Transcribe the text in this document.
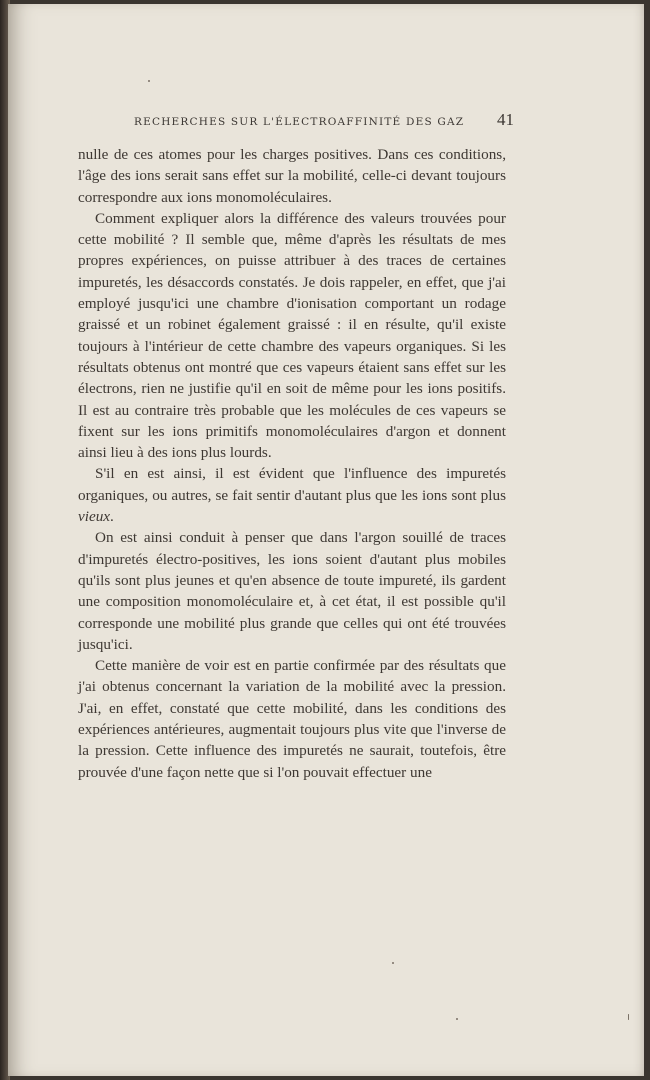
RECHERCHES SUR L'ÉLECTROAFFINITÉ DES GAZ 41

nulle de ces atomes pour les charges positives. Dans ces conditions, l'âge des ions serait sans effet sur la mobilité, celle-ci devant toujours correspondre aux ions monomoléculaires.

Comment expliquer alors la différence des valeurs trouvées pour cette mobilité ? Il semble que, même d'après les résultats de mes propres expériences, on puisse attribuer à des traces de certaines impuretés, les désaccords constatés. Je dois rappeler, en effet, que j'ai employé jusqu'ici une chambre d'ionisation comportant un rodage graissé et un robinet également graissé : il en résulte, qu'il existe toujours à l'intérieur de cette chambre des vapeurs organiques. Si les résultats obtenus ont montré que ces vapeurs étaient sans effet sur les électrons, rien ne justifie qu'il en soit de même pour les ions positifs. Il est au contraire très probable que les molécules de ces vapeurs se fixent sur les ions primitifs monomoléculaires d'argon et donnent ainsi lieu à des ions plus lourds.

S'il en est ainsi, il est évident que l'influence des impuretés organiques, ou autres, se fait sentir d'autant plus que les ions sont plus vieux.

On est ainsi conduit à penser que dans l'argon souillé de traces d'impuretés électro-positives, les ions soient d'autant plus mobiles qu'ils sont plus jeunes et qu'en absence de toute impureté, ils gardent une composition monomoléculaire et, à cet état, il est possible qu'il corresponde une mobilité plus grande que celles qui ont été trouvées jusqu'ici.

Cette manière de voir est en partie confirmée par des résultats que j'ai obtenus concernant la variation de la mobilité avec la pression. J'ai, en effet, constaté que cette mobilité, dans les conditions des expériences antérieures, augmentait toujours plus vite que l'inverse de la pression. Cette influence des impuretés ne saurait, toutefois, être prouvée d'une façon nette que si l'on pouvait effectuer une
